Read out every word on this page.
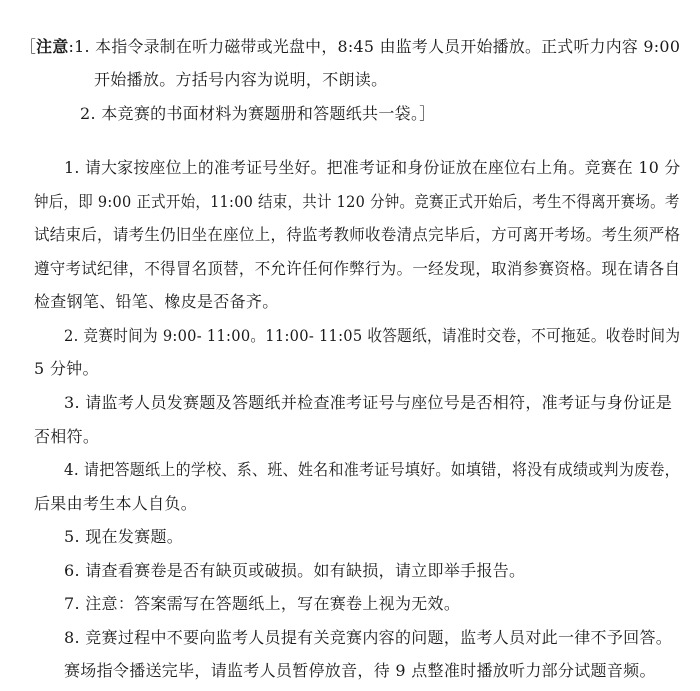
［注意:1. 本指令录制在听力磁带或光盘中，8:45 由监考人员开始播放。正式听力内容 9:00
开始播放。方括号内容为说明，不朗读。
2. 本竞赛的书面材料为赛题册和答题纸共一袋。］
1. 请大家按座位上的准考证号坐好。把准考证和身份证放在座位右上角。竞赛在 10 分
钟后，即 9:00 正式开始，11:00 结束，共计 120 分钟。竞赛正式开始后，考生不得离开赛场。考
试结束后，请考生仍旧坐在座位上，待监考教师收卷清点完毕后，方可离开考场。考生须严格
遵守考试纪律，不得冒名顶替，不允许任何作弊行为。一经发现，取消参赛资格。现在请各自
检查钢笔、铅笔、橡皮是否备齐。
2. 竞赛时间为 9:00- 11:00。11:00- 11:05 收答题纸，请准时交卷，不可拖延。收卷时间为
5 分钟。
3. 请监考人员发赛题及答题纸并检查准考证号与座位号是否相符，准考证与身份证是
否相符。
4. 请把答题纸上的学校、系、班、姓名和准考证号填好。如填错，将没有成绩或判为废卷，
后果由考生本人自负。
5. 现在发赛题。
6. 请查看赛卷是否有缺页或破损。如有缺损，请立即举手报告。
7. 注意：答案需写在答题纸上，写在赛卷上视为无效。
8. 竞赛过程中不要向监考人员提有关竞赛内容的问题，监考人员对此一律不予回答。
赛场指令播送完毕，请监考人员暂停放音，待 9 点整准时播放听力部分试题音频。
